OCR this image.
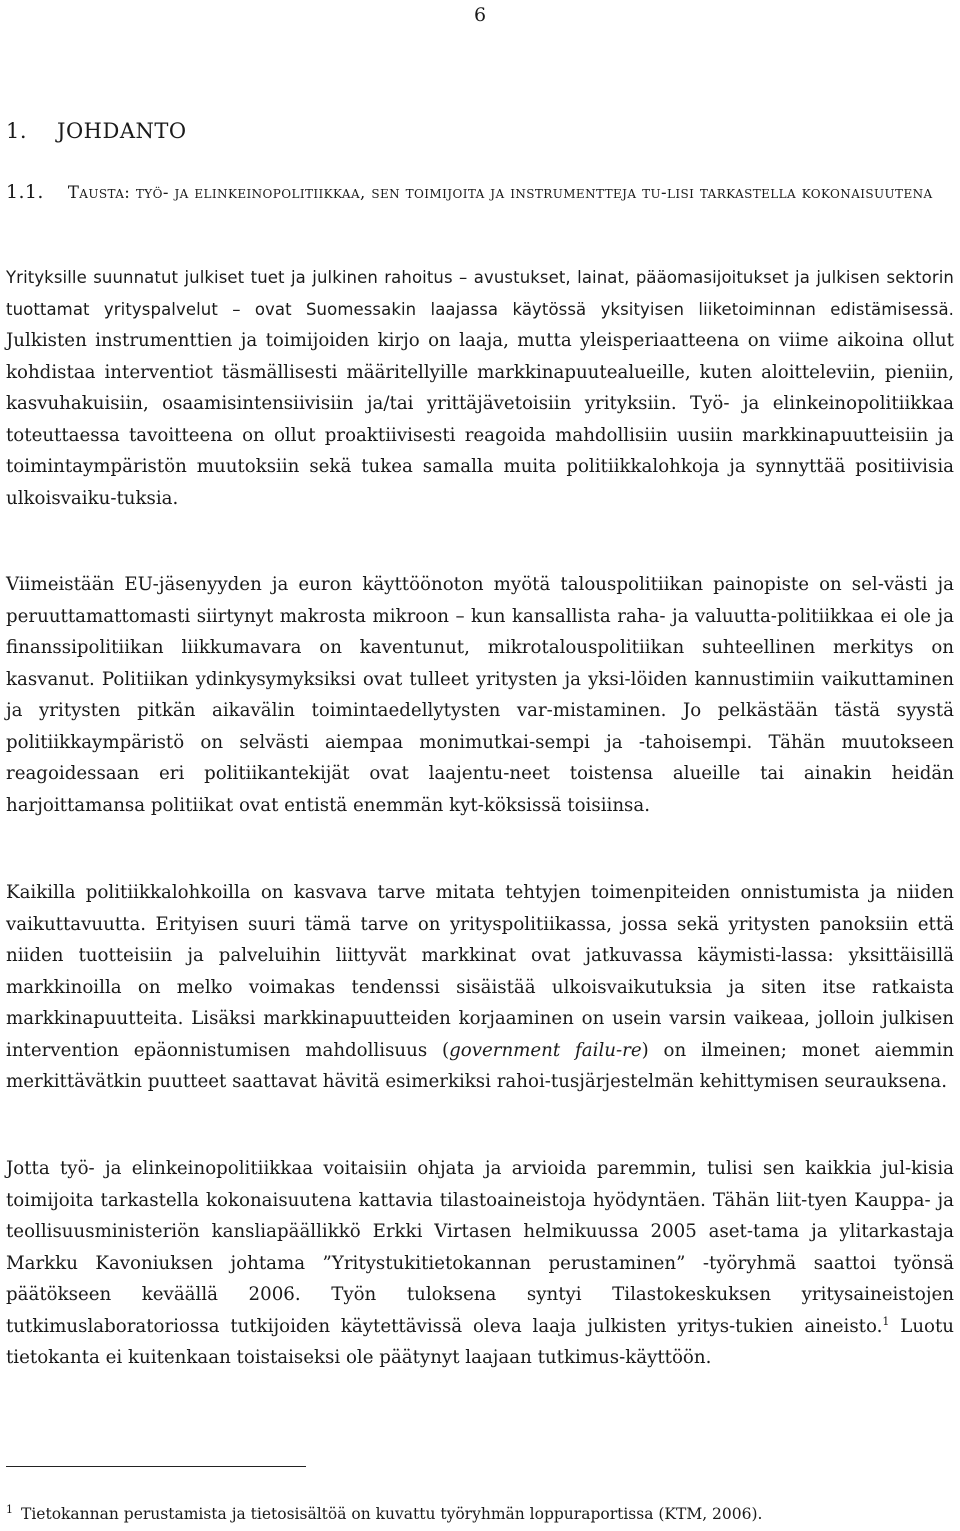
6
1. JOHDANTO
1.1. Tausta: työ- ja elinkeinopolitiikkaa, sen toimijoita ja instrumentteja tu-lisi tarkastella kokonaisuutena

Yrityksille suunnatut julkiset tuet ja julkinen rahoitus – avustukset, lainat, pääomasijoitukset ja julkisen sektorin tuottamat yrityspalvelut – ovat Suomessakin laajassa käytössä yksityisen liiketoiminnan edistämisessä. Julkisten instrumenttien ja toimijoiden kirjo on laaja, mutta yleisperiaatteena on viime aikoina ollut kohdistaa interventiot täsmällisesti määritellyille markkinapuutealueille, kuten aloitteleviin, pieniin, kasvuhakuisiin, osaamisintensiivisiin ja/tai yrittäjävetoisiin yrityksiin. Työ- ja elinkeinopolitiikkaa toteuttaessa tavoitteena on ollut proaktiivisesti reagoida mahdollisiin uusiin markkinapuutteisiin ja toimintaympäristön muutoksiin sekä tukea samalla muita politiikkalohkoja ja synnyttää positiivisia ulkoisvaiku-tuksia.

Viimeistään EU-jäsenyyden ja euron käyttöönoton myötä talouspolitiikan painopiste on sel-västi ja peruuttamattomasti siirtynyt makrosta mikroon – kun kansallista raha- ja valuutta-politiikkaa ei ole ja finanssipolitiikan liikkumavara on kaventunut, mikrotalouspolitiikan suhteellinen merkitys on kasvanut. Politiikan ydinkysymyksiksi ovat tulleet yritysten ja yksi-löiden kannustimiin vaikuttaminen ja yritysten pitkän aikavälin toimintaedellytysten var-mistaminen. Jo pelkästään tästä syystä politiikkaympäristö on selvästi aiempaa monimutkai-sempi ja -tahoisempi. Tähän muutokseen reagoidessaan eri politiikantekijät ovat laajentu-neet toistensa alueille tai ainakin heidän harjoittamansa politiikat ovat entistä enemmän kyt-köksissä toisiinsa.

Kaikilla politiikkalohkoilla on kasvava tarve mitata tehtyjen toimenpiteiden onnistumista ja niiden vaikuttavuutta. Erityisen suuri tämä tarve on yrityspolitiikassa, jossa sekä yritysten panoksiin että niiden tuotteisiin ja palveluihin liittyvät markkinat ovat jatkuvassa käymisti-lassa: yksittäisillä markkinoilla on melko voimakas tendenssi sisäistää ulkoisvaikutuksia ja siten itse ratkaista markkinapuutteita. Lisäksi markkinapuutteiden korjaaminen on usein varsin vaikeaa, jolloin julkisen intervention epäonnistumisen mahdollisuus (government failu-re) on ilmeinen; monet aiemmin merkittävätkin puutteet saattavat hävitä esimerkiksi rahoi-tusjärjestelmän kehittymisen seurauksena.

Jotta työ- ja elinkeinopolitiikkaa voitaisiin ohjata ja arvioida paremmin, tulisi sen kaikkia jul-kisia toimijoita tarkastella kokonaisuutena kattavia tilastoaineistoja hyödyntäen. Tähän liit-tyen Kauppa- ja teollisuusministeriön kansliapäällikkö Erkki Virtasen helmikuussa 2005 aset-tama ja ylitarkastaja Markku Kavoniuksen johtama ”Yritystukitietokannan perustaminen” -työryhmä saattoi työnsä päätökseen keväällä 2006. Työn tuloksena syntyi Tilastokeskuksen yritysaineistojen tutkimuslaboratoriossa tutkijoiden käytettävissä oleva laaja julkisten yritys-tukien aineisto.$^1$ Luotu tietokanta ei kuitenkaan toistaiseksi ole päätynyt laajaan tutkimus-käyttöön.

$^1$ Tietokannan perustamista ja tietosisältöä on kuvattu työryhmän loppuraportissa (KTM, 2006).
